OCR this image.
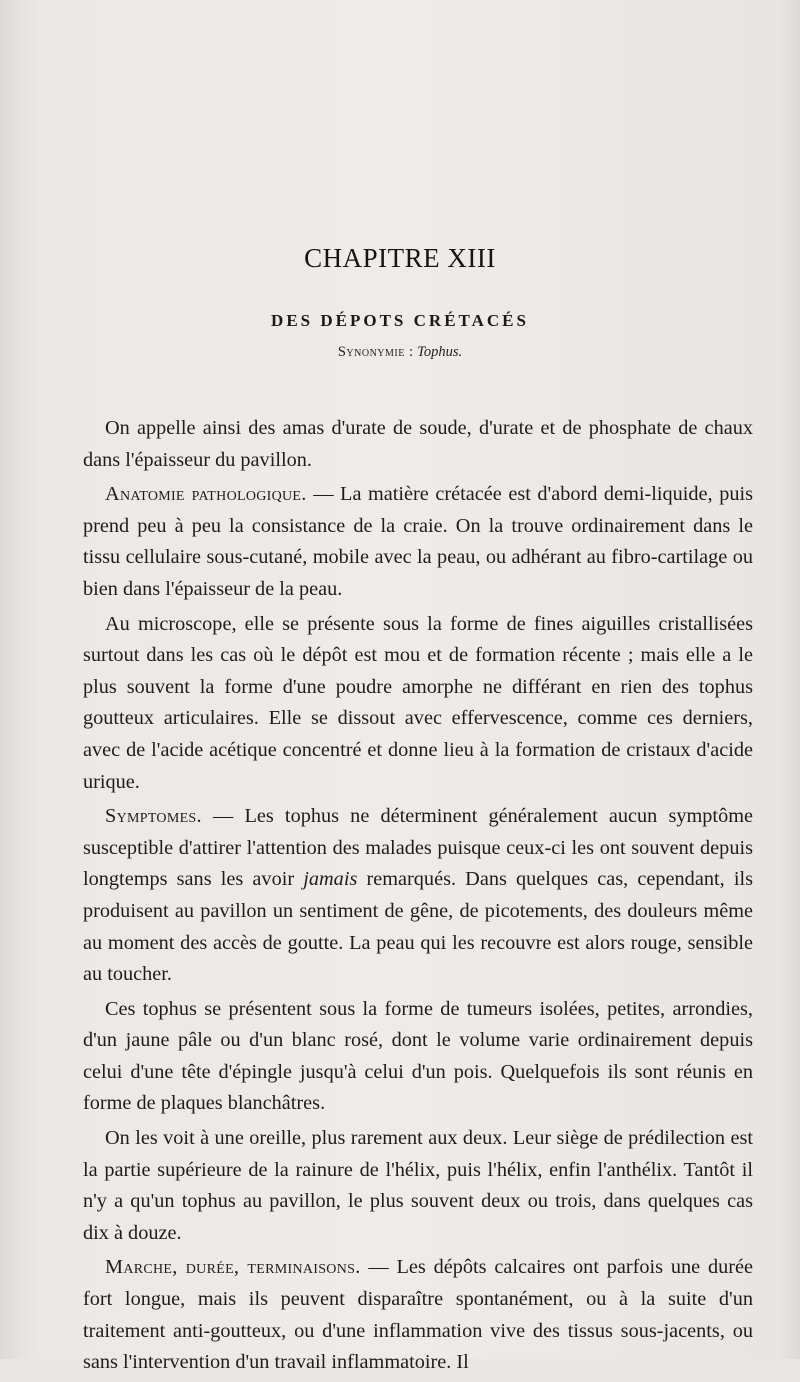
CHAPITRE XIII
DES DÉPOTS CRÉTACÉS
Synonymie : Tophus.

On appelle ainsi des amas d'urate de soude, d'urate et de phosphate de chaux dans l'épaisseur du pavillon.

Anatomie pathologique. — La matière crétacée est d'abord demi-liquide, puis prend peu à peu la consistance de la craie. On la trouve ordinairement dans le tissu cellulaire sous-cutané, mobile avec la peau, ou adhérant au fibro-cartilage ou bien dans l'épaisseur de la peau.

Au microscope, elle se présente sous la forme de fines aiguilles cristallisées surtout dans les cas où le dépôt est mou et de formation récente ; mais elle a le plus souvent la forme d'une poudre amorphe ne différant en rien des tophus goutteux articulaires. Elle se dissout avec effervescence, comme ces derniers, avec de l'acide acétique concentré et donne lieu à la formation de cristaux d'acide urique.

Symptomes. — Les tophus ne déterminent généralement aucun symptôme susceptible d'attirer l'attention des malades puisque ceux-ci les ont souvent depuis longtemps sans les avoir jamais remarqués. Dans quelques cas, cependant, ils produisent au pavillon un sentiment de gêne, de picotements, des douleurs même au moment des accès de goutte. La peau qui les recouvre est alors rouge, sensible au toucher.

Ces tophus se présentent sous la forme de tumeurs isolées, petites, arrondies, d'un jaune pâle ou d'un blanc rosé, dont le volume varie ordinairement depuis celui d'une tête d'épingle jusqu'à celui d'un pois. Quelquefois ils sont réunis en forme de plaques blanchâtres.

On les voit à une oreille, plus rarement aux deux. Leur siège de prédilection est la partie supérieure de la rainure de l'hélix, puis l'hélix, enfin l'anthélix. Tantôt il n'y a qu'un tophus au pavillon, le plus souvent deux ou trois, dans quelques cas dix à douze.

Marche, durée, terminaisons. — Les dépôts calcaires ont parfois une durée fort longue, mais ils peuvent disparaître spontanément, ou à la suite d'un traitement anti-goutteux, ou d'une inflammation vive des tissus sous-jacents, ou sans l'intervention d'un travail inflammatoire. Il
